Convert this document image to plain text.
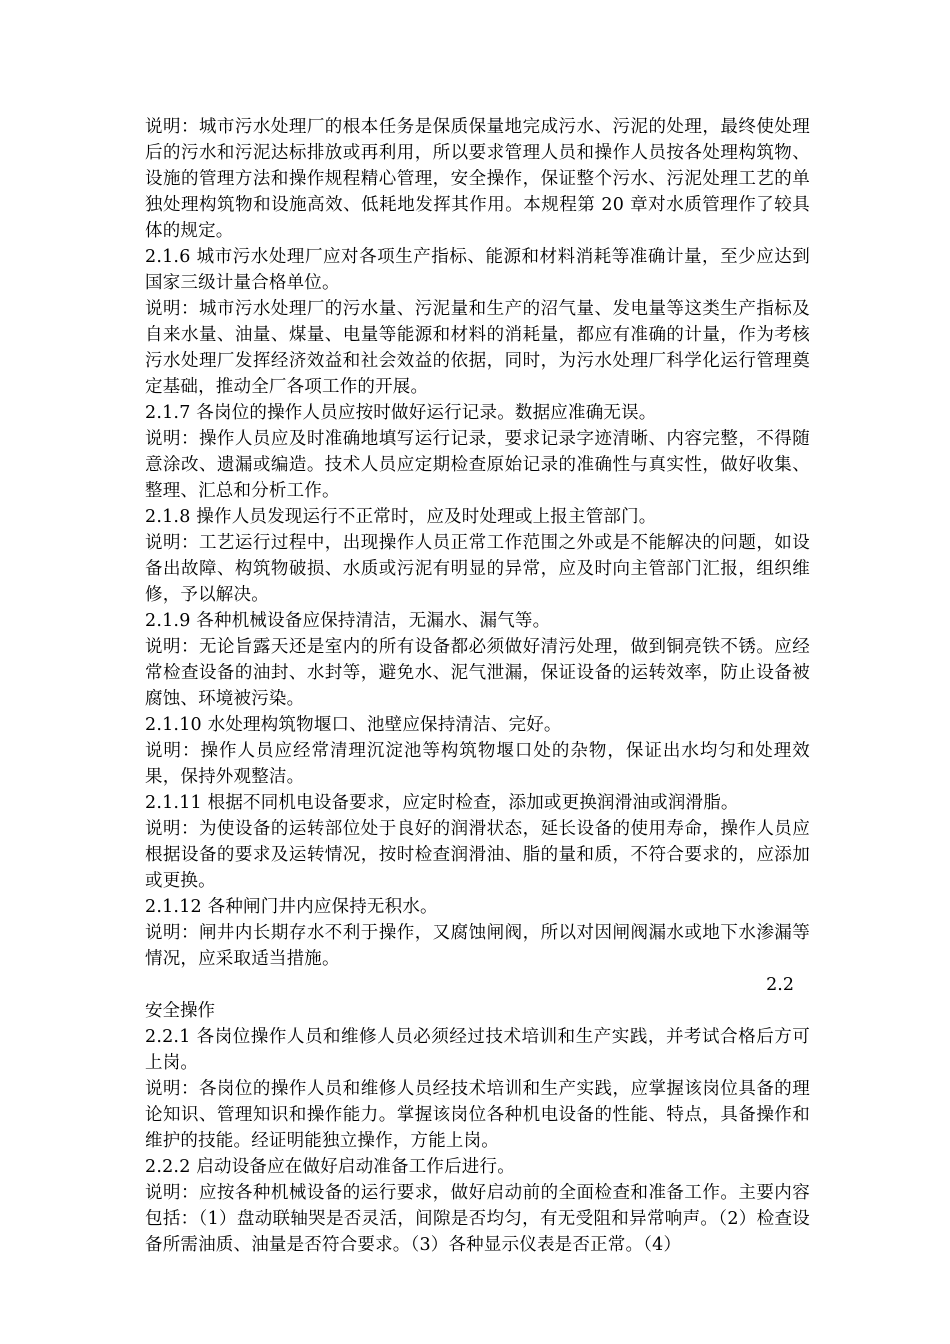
说明：城市污水处理厂的根本任务是保质保量地完成污水、污泥的处理，最终使处理后的污水和污泥达标排放或再利用，所以要求管理人员和操作人员按各处理构筑物、设施的管理方法和操作规程精心管理，安全操作，保证整个污水、污泥处理工艺的单独处理构筑物和设施高效、低耗地发挥其作用。本规程第 20 章对水质管理作了较具体的规定。

2.1.6 城市污水处理厂应对各项生产指标、能源和材料消耗等准确计量，至少应达到国家三级计量合格单位。

说明：城市污水处理厂的污水量、污泥量和生产的沼气量、发电量等这类生产指标及自来水量、油量、煤量、电量等能源和材料的消耗量，都应有准确的计量，作为考核污水处理厂发挥经济效益和社会效益的依据，同时，为污水处理厂科学化运行管理奠定基础，推动全厂各项工作的开展。

2.1.7 各岗位的操作人员应按时做好运行记录。数据应准确无误。

说明：操作人员应及时准确地填写运行记录，要求记录字迹清晰、内容完整，不得随意涂改、遗漏或编造。技术人员应定期检查原始记录的准确性与真实性，做好收集、整理、汇总和分析工作。

2.1.8 操作人员发现运行不正常时，应及时处理或上报主管部门。

说明：工艺运行过程中，出现操作人员正常工作范围之外或是不能解决的问题，如设备出故障、构筑物破损、水质或污泥有明显的异常，应及时向主管部门汇报，组织维修，予以解决。

2.1.9 各种机械设备应保持清洁，无漏水、漏气等。

说明：无论旨露天还是室内的所有设备都必须做好清污处理，做到铜亮铁不锈。应经常检查设备的油封、水封等，避免水、泥气泄漏，保证设备的运转效率，防止设备被腐蚀、环境被污染。

2.1.10 水处理构筑物堰口、池壁应保持清洁、完好。

说明：操作人员应经常清理沉淀池等构筑物堰口处的杂物，保证出水均匀和处理效果，保持外观整洁。

2.1.11 根据不同机电设备要求，应定时检查，添加或更换润滑油或润滑脂。

说明：为使设备的运转部位处于良好的润滑状态，延长设备的使用寿命，操作人员应根据设备的要求及运转情况，按时检查润滑油、脂的量和质，不符合要求的，应添加或更换。

2.1.12 各种闸门井内应保持无积水。

说明：闸井内长期存水不利于操作，又腐蚀闸阀，所以对因闸阀漏水或地下水渗漏等情况，应采取适当措施。

2.2

安全操作

2.2.1 各岗位操作人员和维修人员必须经过技术培训和生产实践，并考试合格后方可上岗。

说明：各岗位的操作人员和维修人员经技术培训和生产实践，应掌握该岗位具备的理论知识、管理知识和操作能力。掌握该岗位各种机电设备的性能、特点，具备操作和维护的技能。经证明能独立操作，方能上岗。

2.2.2 启动设备应在做好启动准备工作后进行。

说明：应按各种机械设备的运行要求，做好启动前的全面检查和准备工作。主要内容包括：（1）盘动联轴哭是否灵活，间隙是否均匀，有无受阻和异常响声。（2）检查设备所需油质、油量是否符合要求。（3）各种显示仪表是否正常。（4）
